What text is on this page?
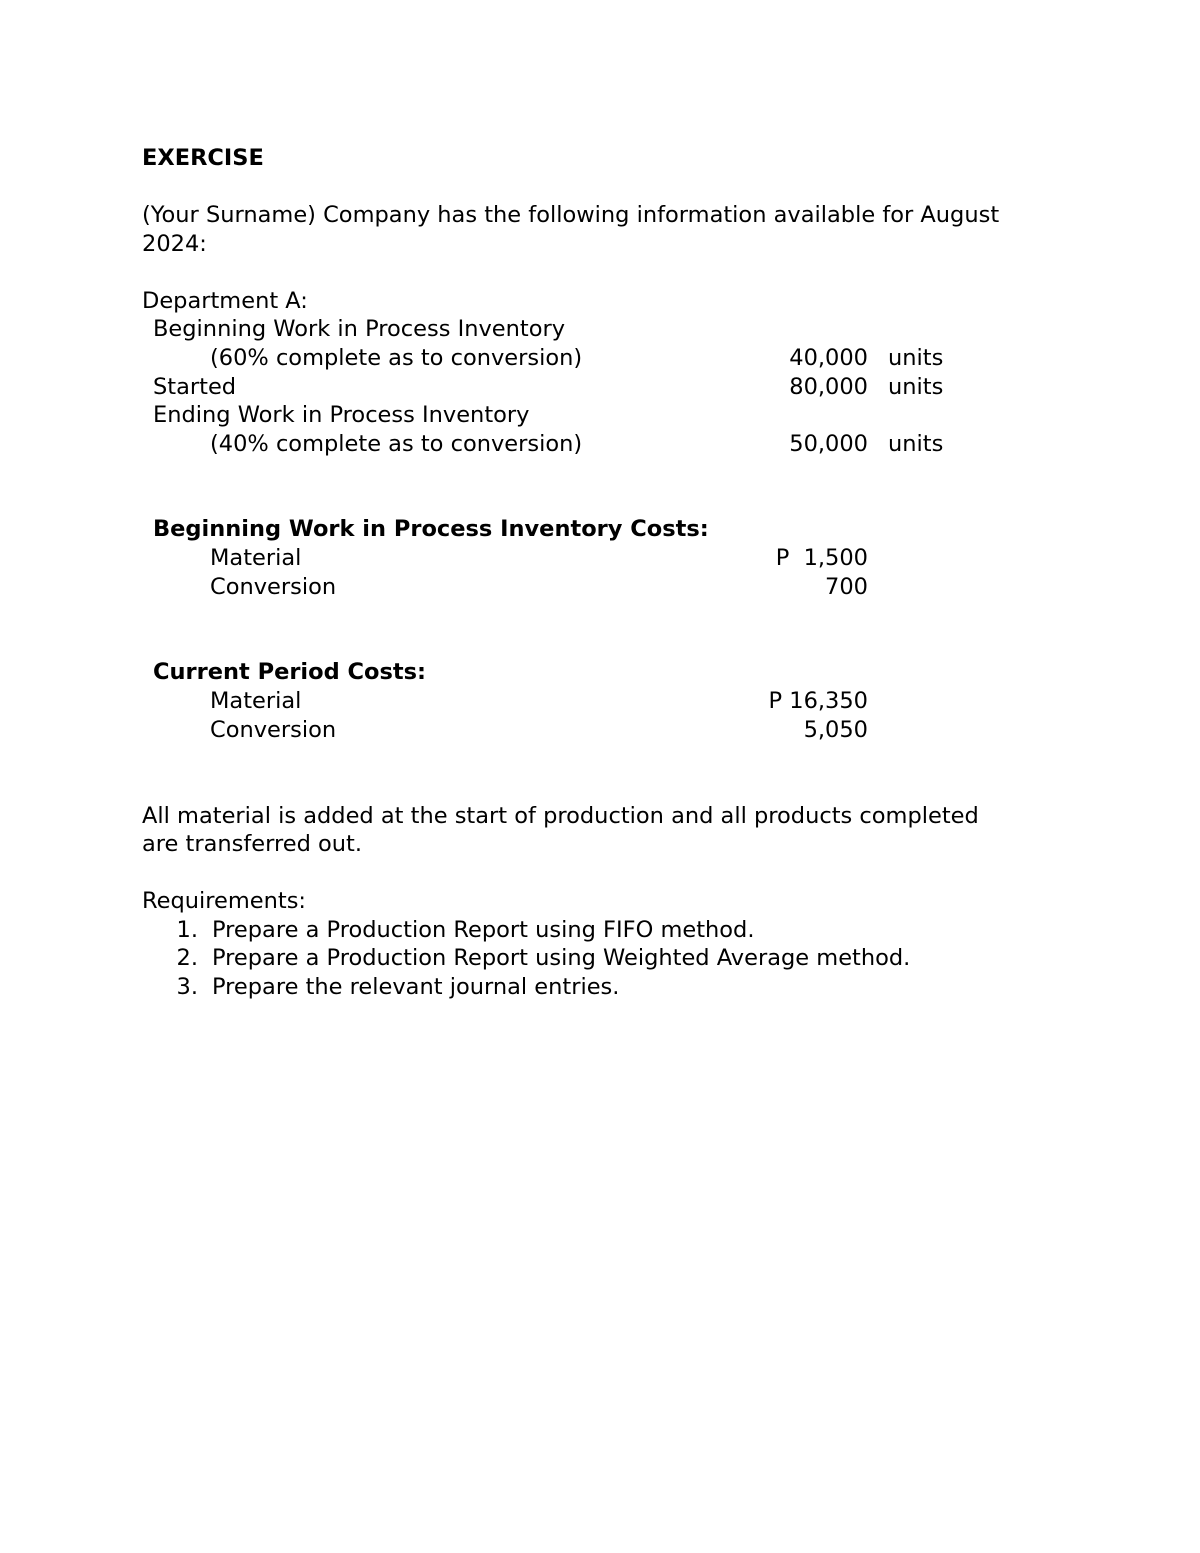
EXERCISE
(Your Surname) Company has the following information available for August
2024:
Department A:
Beginning Work in Process Inventory
(60% complete as to conversion)	40,000 units
Started	80,000 units
Ending Work in Process Inventory
(40% complete as to conversion)	50,000 units
Beginning Work in Process Inventory Costs:
Material	P  1,500
Conversion	700
Current Period Costs:
Material	P 16,350
Conversion	5,050
All material is added at the start of production and all products completed
are transferred out.
Requirements:
1. Prepare a Production Report using FIFO method.
2. Prepare a Production Report using Weighted Average method.
3. Prepare the relevant journal entries.
